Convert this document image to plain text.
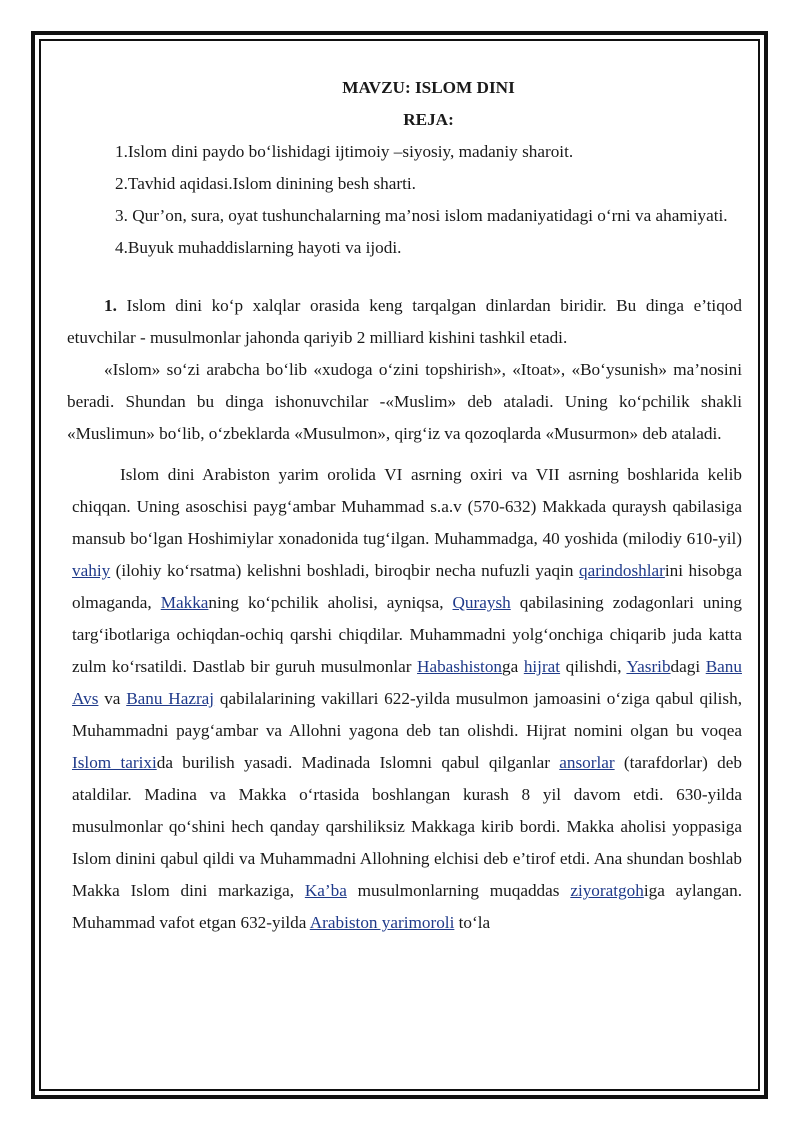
MAVZU: ISLOM DINI
REJA:
1.Islom dini paydo bo‘lishidagi ijtimoiy –siyosiy, madaniy sharoit.
2.Tavhid aqidasi.Islom dinining besh sharti.
3. Qur’on, sura, oyat tushunchalarning ma’nosi islom madaniyatidagi o‘rni va ahamiyati.
4.Buyuk muhaddislarning hayoti va ijodi.

1. Islom dini ko‘p xalqlar orasida keng tarqalgan dinlardan biridir. Bu dinga e’tiqod etuvchilar - musulmonlar jahonda qariyib 2 milliard kishini tashkil etadi.

«Islom» so‘zi arabcha bo‘lib «xudoga o‘zini topshirish», «Itoat», «Bo‘ysunish» ma’nosini beradi. Shundan bu dinga ishonuvchilar -«Muslim» deb ataladi. Uning ko‘pchilik shakli «Muslimun» bo‘lib, o‘zbeklarda «Musulmon», qirg‘iz va qozoqlarda «Musurmon» deb ataladi.

Islom dini Arabiston yarim orolida VI asrning oxiri va VII asrning boshlarida kelib chiqqan. Uning asoschisi payg‘ambar Muhammad s.a.v (570-632) Makkada quraysh qabilasiga mansub bo‘lgan Hoshimiylar xonadonida tug‘ilgan. Muhammadga, 40 yoshida (milodiy 610-yil) vahiy (ilohiy ko‘rsatma) kelishni boshladi, biroqbir necha nufuzli yaqin qarindoshlarini hisobga olmaganda, Makkaning ko‘pchilik aholisi, ayniqsa, Quraysh qabilasining zodagonlari uning targ‘ibotlariga ochiqdan-ochiq qarshi chiqdilar. Muhammadni yolg‘onchiga chiqarib juda katta zulm ko‘rsatildi. Dastlab bir guruh musulmonlar Habashistonga hijrat qilishdi, Yasribdagi Banu Avs va Banu Hazraj qabilalarining vakillari 622-yilda musulmon jamoasini o‘ziga qabul qilish, Muhammadni payg‘ambar va Allohni yagona deb tan olishdi. Hijrat nomini olgan bu voqea Islom tarixida burilish yasadi. Madinada Islomni qabul qilganlar ansorlar (tarafdorlar) deb ataldilar. Madina va Makka o‘rtasida boshlangan kurash 8 yil davom etdi. 630-yilda musulmonlar qo‘shini hech qanday qarshiliksiz Makkaga kirib bordi. Makka aholisi yoppasiga Islom dinini qabul qildi va Muhammadni Allohning elchisi deb e’tirof etdi. Ana shundan boshlab Makka Islom dini markaziga, Ka’ba musulmonlarning muqaddas ziyoratgohiga aylangan. Muhammad vafot etgan 632-yilda Arabiston yarimoroli to‘la
